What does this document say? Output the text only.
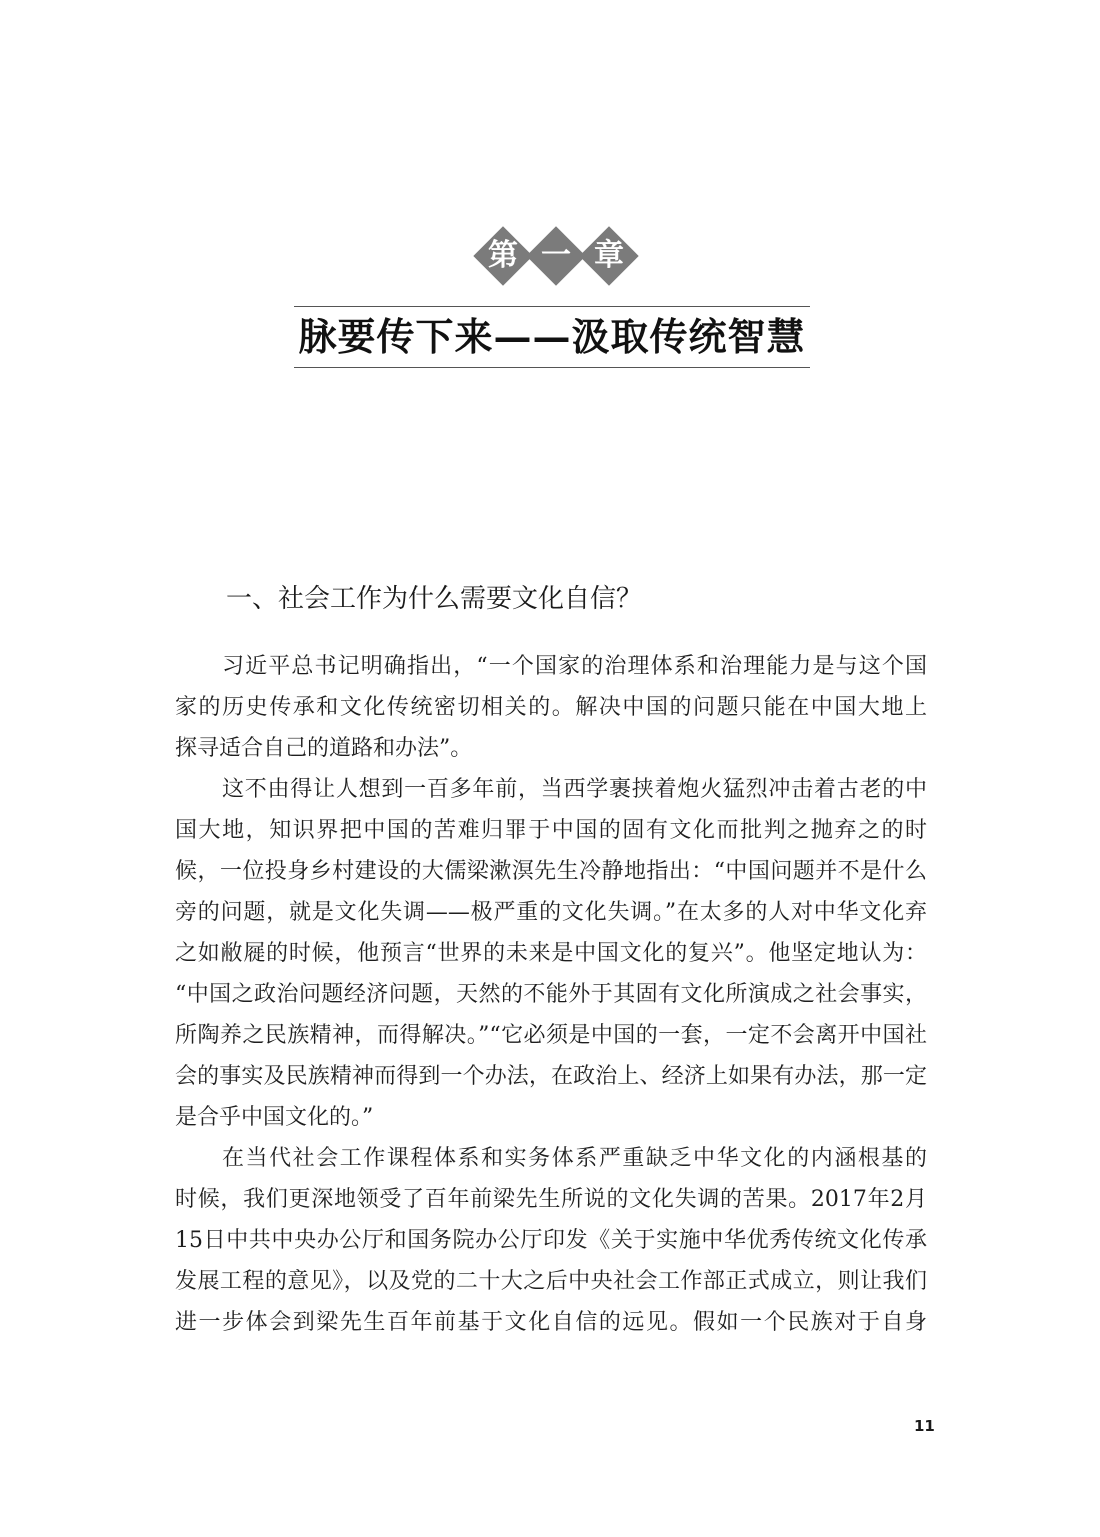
第 一 章
脉要传下来——汲取传统智慧
一、社会工作为什么需要文化自信？
习近平总书记明确指出，“一个国家的治理体系和治理能力是与这个国
家的历史传承和文化传统密切相关的。解决中国的问题只能在中国大地上
探寻适合自己的道路和办法”。
这不由得让人想到一百多年前，当西学裹挟着炮火猛烈冲击着古老的中
国大地，知识界把中国的苦难归罪于中国的固有文化而批判之抛弃之的时
候，一位投身乡村建设的大儒梁漱溟先生冷静地指出：“中国问题并不是什么
旁的问题，就是文化失调——极严重的文化失调。”在太多的人对中华文化弃
之如敝屣的时候，他预言“世界的未来是中国文化的复兴”。他坚定地认为：
“中国之政治问题经济问题，天然的不能外于其固有文化所演成之社会事实，
所陶养之民族精神，而得解决。”“它必须是中国的一套，一定不会离开中国社
会的事实及民族精神而得到一个办法，在政治上、经济上如果有办法，那一定
是合乎中国文化的。”
在当代社会工作课程体系和实务体系严重缺乏中华文化的内涵根基的
时候，我们更深地领受了百年前梁先生所说的文化失调的苦果。2017年2月
15日中共中央办公厅和国务院办公厅印发《关于实施中华优秀传统文化传承
发展工程的意见》，以及党的二十大之后中央社会工作部正式成立，则让我们
进一步体会到梁先生百年前基于文化自信的远见。假如一个民族对于自身
11
